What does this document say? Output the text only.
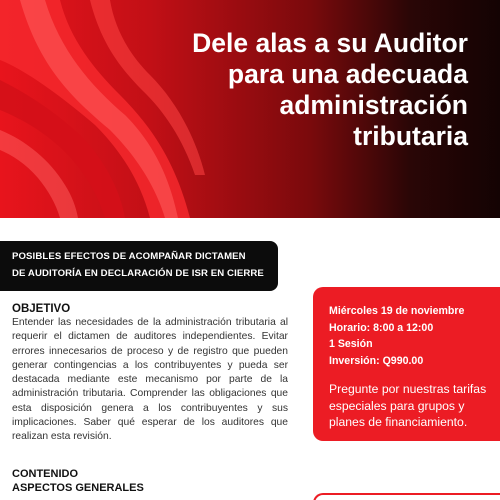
Dele alas a su Auditor
para una adecuada
administración
tributaria
POSIBLES EFECTOS DE ACOMPAÑAR DICTAMEN
DE AUDITORÍA EN DECLARACIÓN DE ISR EN CIERRE
OBJETIVO
Entender las necesidades de la administración tributaria al requerir el dictamen de auditores independientes. Evitar errores innecesarios de proceso y de registro que pueden generar contingencias a los contribuyentes y pueda ser destacada mediante este mecanismo por parte de la administración tributaria. Comprender las obligaciones que esta disposición genera a los contribuyentes y sus implicaciones. Saber qué esperar de los auditores que realizan esta revisión.
CONTENIDO
ASPECTOS GENERALES
Miércoles 19 de noviembre
Horario: 8:00 a 12:00
1 Sesión
Inversión: Q990.00
Pregunte por nuestras tarifas especiales para grupos y planes de financiamiento.
